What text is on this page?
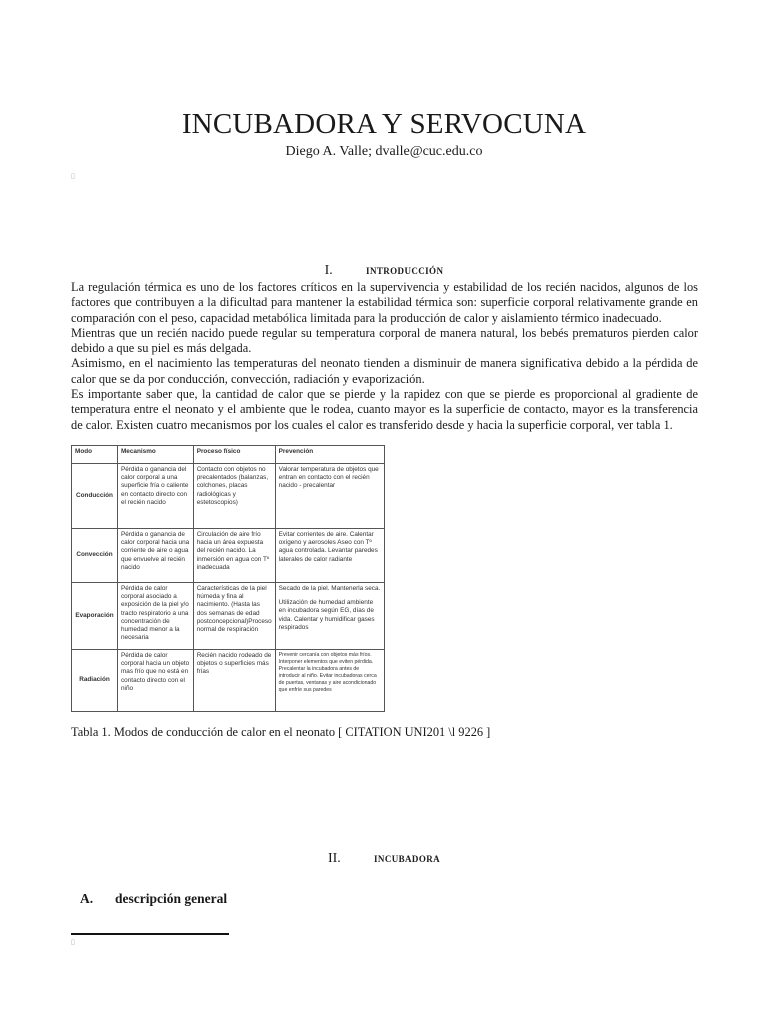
INCUBADORA Y SERVOCUNA
Diego A. Valle; dvalle@cuc.edu.co
▯
I.	INTRODUCCIÓN

La regulación térmica es uno de los factores críticos en la supervivencia y estabilidad de los recién nacidos, algunos de los factores que contribuyen a la dificultad para mantener la estabilidad térmica son: superficie corporal relativamente grande en comparación con el peso, capacidad metabólica limitada para la producción de calor y aislamiento térmico inadecuado.

Mientras que un recién nacido puede regular su temperatura corporal de manera natural, los bebés prematuros pierden calor debido a que su piel es más delgada.

Asimismo, en el nacimiento las temperaturas del neonato tienden a disminuir de manera significativa debido a la pérdida de calor que se da por conducción, convección, radiación y evaporización.

Es importante saber que, la cantidad de calor que se pierde y la rapidez con que se pierde es proporcional al gradiente de temperatura entre el neonato y el ambiente que le rodea, cuanto mayor es la superficie de contacto, mayor es la transferencia de calor. Existen cuatro mecanismos por los cuales el calor es transferido desde y hacia la superficie corporal, ver tabla 1.

Modo	Mecanismo	Proceso físico	Prevención
Conducción	Pérdida o ganancia del calor corporal a una superficie fría o caliente en contacto directo con el recién nacido	Contacto con objetos no precalentados (balanzas, colchones, placas radiológicas y estetoscopios)	Valorar temperatura de objetos que entran en contacto con el recién nacido - precalentar
Convección	Pérdida o ganancia de calor corporal hacia una corriente de aire o agua que envuelve al recién nacido	Circulación de aire frío hacia un área expuesta del recién nacido. La inmersión en agua con Tº inadecuada	Evitar corrientes de aire. Calentar oxígeno y aerosoles Aseo con Tº agua controlada. Levantar paredes laterales de calor radiante
Evaporación	Pérdida de calor corporal asociado a exposición de la piel y/o tracto respiratorio a una concentración de humedad menor a la necesaria	Características de la piel húmeda y fina al nacimiento. (Hasta las dos semanas de edad postconcepcional)Proceso normal de respiración	Secado de la piel. Mantenerla seca.
Utilización de humedad ambiente en incubadora según EG, días de vida. Calentar y humidificar gases respirados

Radiación	Pérdida de calor corporal hacia un objeto mas frío que no está en contacto directo con el niño	Recién nacido rodeado de objetos o superficies más frías	Prevenir cercanía con objetos más fríos. Interponer elementos que eviten pérdida. Precalentar la incubadora antes de introducir al niño. Evitar incubadoras cerca de puertas, ventanas y aire acondicionado que enfríe sus paredes
Tabla 1. Modos de conducción de calor en el neonato [ CITATION UNI201 \l 9226 ]
II.	INCUBADORA
A. descripción general
▯
